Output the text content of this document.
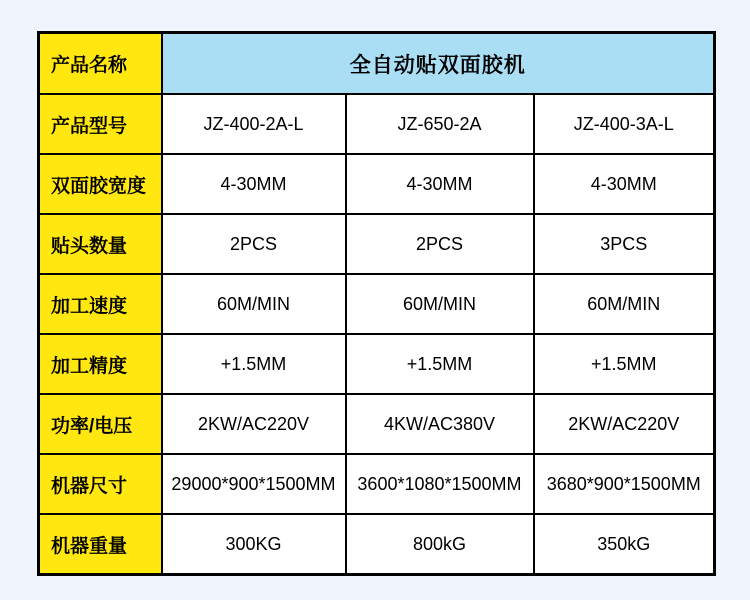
产品名称	全自动贴双面胶机		
产品型号	JZ-400-2A-L	JZ-650-2A	JZ-400-3A-L
双面胶宽度	4-30MM	4-30MM	4-30MM
贴头数量	2PCS	2PCS	3PCS
加工速度	60M/MIN	60M/MIN	60M/MIN
加工精度	+1.5MM	+1.5MM	+1.5MM
功率/电压	2KW/AC220V	4KW/AC380V	2KW/AC220V
机器尺寸	29000*900*1500MM	3600*1080*1500MM	3680*900*1500MM
机器重量	300KG	800kG	350kG
